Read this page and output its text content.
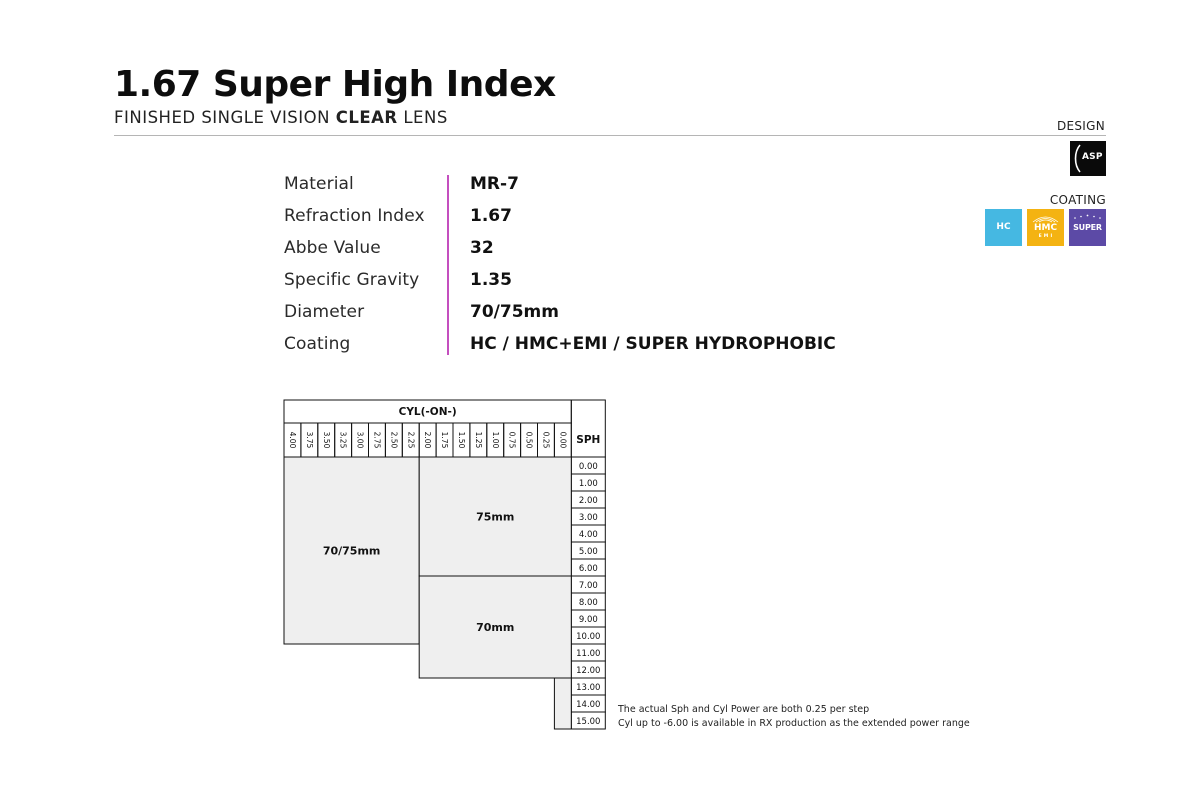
1.67 Super High Index
FINISHED SINGLE VISION CLEAR LENS	DESIGN
ASP
COATING
HC	HMC
E M I
SUPER
Material	MR-7
Refraction Index	1.67
Abbe Value	32
Specific Gravity	1.35
Diameter	70/75mm
Coating	HC / HMC+EMI / SUPER HYDROPHOBIC
CYL(-ON-)
4.00 3.75 3.50 3.25 3.00 2.75 2.50 2.25 2.00 1.75 1.50 1.25 1.00 0.75 0.50 0.25 0.00 SPH
0.00
1.00
2.00
3.00
4.00
5.00
6.00
7.00
8.00
9.00
10.00
11.00
12.00
13.00
14.00
15.00
70/75mm
75mm
70mm
The actual Sph and Cyl Power are both 0.25 per step
Cyl up to -6.00 is available in RX production as the extended power range
